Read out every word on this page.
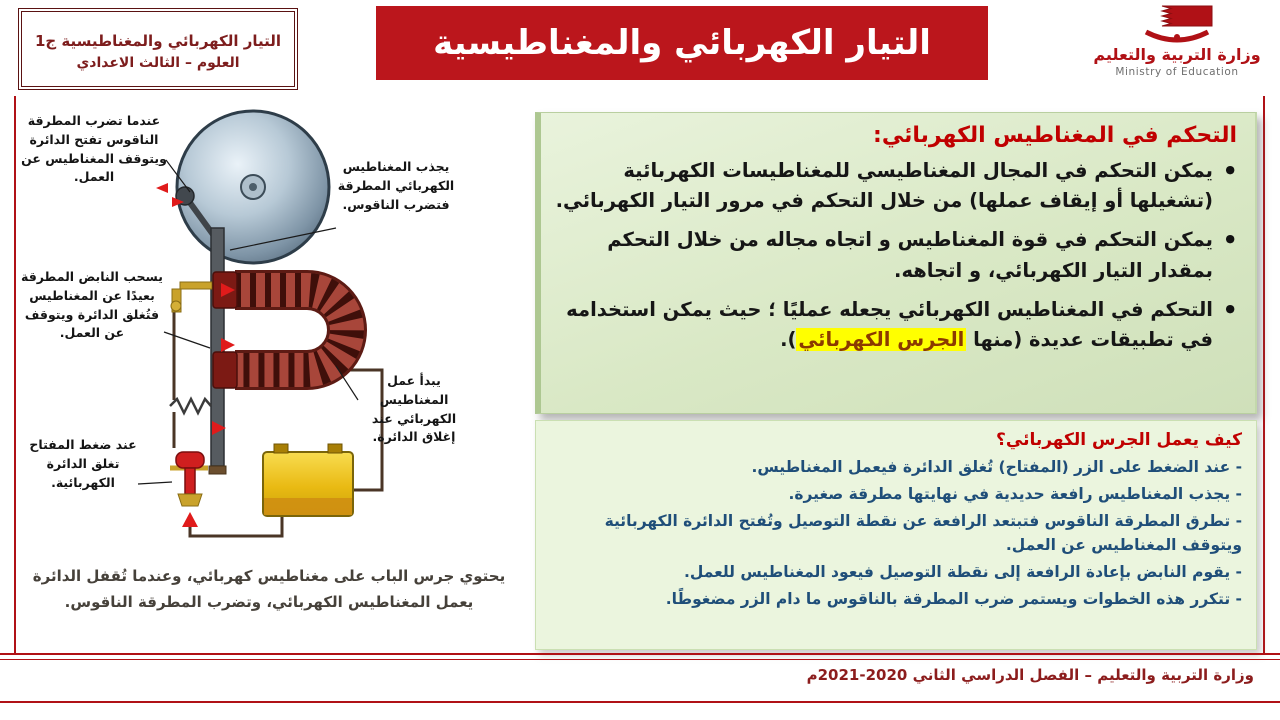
التيار الكهربائي والمغناطيسية ج1
العلوم – الثالث الاعدادي	التيار الكهربائي والمغناطيسية	وزارة التربية والتعليم
Ministry of Education
عندما تضرب المطرقة الناقوس تفتح الدائرة ويتوقف المغناطيس عن العمل.
يجذب المغناطيس الكهربائي المطرقة فتضرب الناقوس.
يسحب النابض المطرقة بعيدًا عن المغناطيس فتُغلق الدائرة ويتوقف عن العمل.
يبدأ عمل المغناطيس الكهربائي عند إغلاق الدائرة.
عند ضغط المفتاح تغلق الدائرة الكهربائية.
يحتوي جرس الباب على مغناطيس كهربائي، وعندما تُقفل الدائرة يعمل المغناطيس الكهربائي، وتضرب المطرقة الناقوس.
التحكم في المغناطيس الكهربائي:
● يمكن التحكم في المجال المغناطيسي للمغناطيسات الكهربائية (تشغيلها أو إيقاف عملها) من خلال التحكم في مرور التيار الكهربائي.
● يمكن التحكم في قوة المغناطيس و اتجاه مجاله من خلال التحكم بمقدار التيار الكهربائي، و اتجاهه.
● التحكم في المغناطيس الكهربائي يجعله عمليًا ؛ حيث يمكن استخدامه في تطبيقات عديدة (منها الجرس الكهربائي).
كيف يعمل الجرس الكهربائي؟
- عند الضغط على الزر (المفتاح) تُغلق الدائرة فيعمل المغناطيس.
- يجذب المغناطيس رافعة حديدية في نهايتها مطرقة صغيرة.
- تطرق المطرقة الناقوس فتبتعد الرافعة عن نقطة التوصيل وتُفتح الدائرة الكهربائية ويتوقف المغناطيس عن العمل.
- يقوم النابض بإعادة الرافعة إلى نقطة التوصيل فيعود المغناطيس للعمل.
- تتكرر هذه الخطوات ويستمر ضرب المطرقة بالناقوس ما دام الزر مضغوطًا.
وزارة التربية والتعليم – الفصل الدراسي الثاني 2020-2021م
